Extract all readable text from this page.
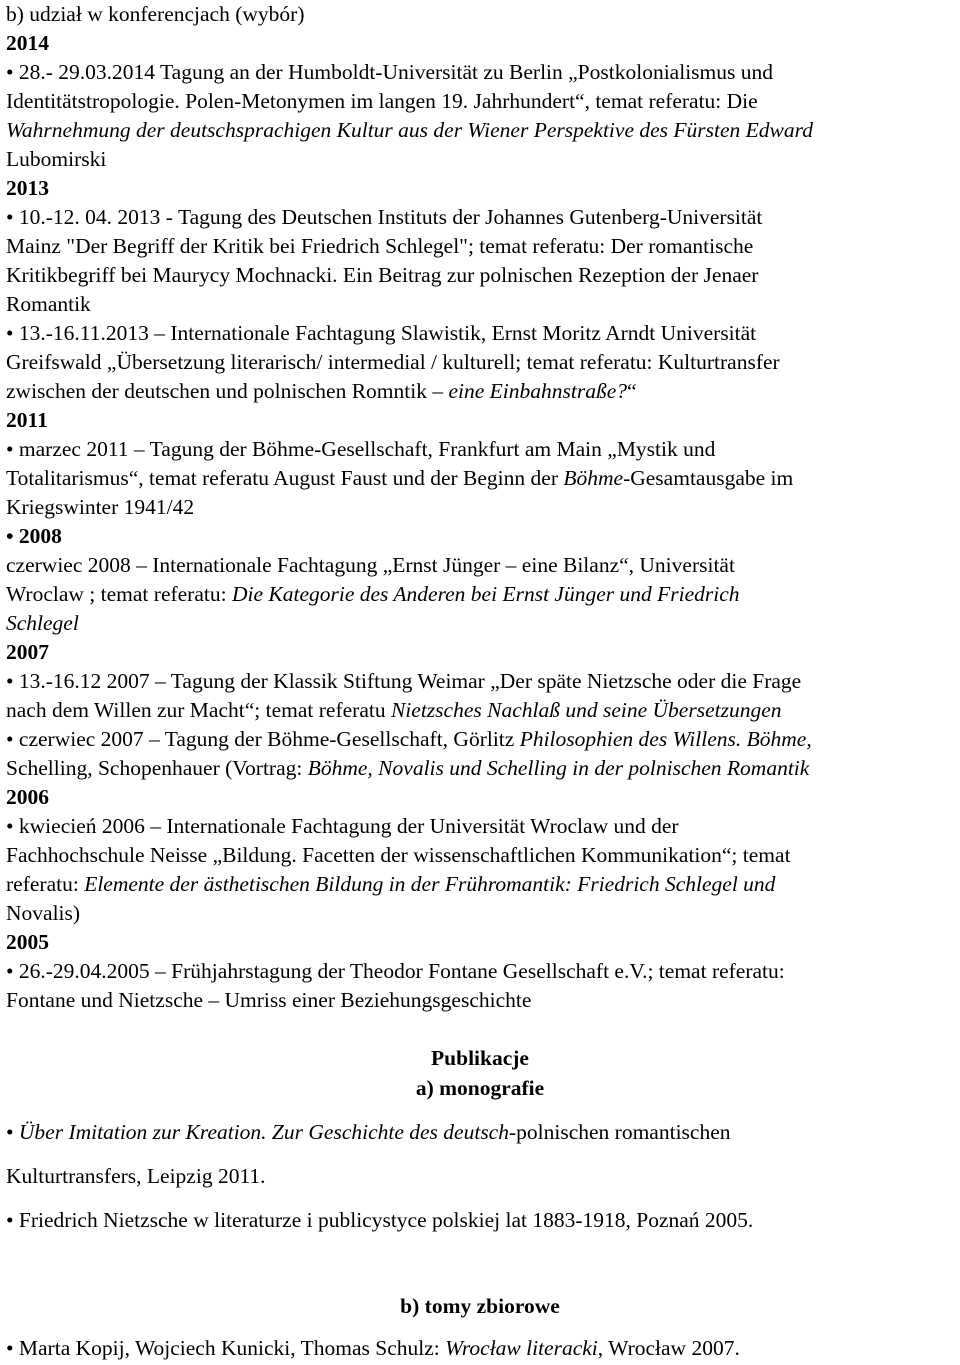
b) udział w konferencjach (wybór)
2014
• 28.- 29.03.2014 Tagung an der Humboldt-Universität zu Berlin „Postkolonialismus und
Identitätstropologie. Polen-Metonymen im langen 19. Jahrhundert“, temat referatu: Die
Wahrnehmung der deutschsprachigen Kultur aus der Wiener Perspektive des Fürsten Edward
Lubomirski
2013
• 10.-12. 04. 2013 - Tagung des Deutschen Instituts der Johannes Gutenberg-Universität
Mainz "Der Begriff der Kritik bei Friedrich Schlegel"; temat referatu: Der romantische
Kritikbegriff bei Maurycy Mochnacki. Ein Beitrag zur polnischen Rezeption der Jenaer
Romantik
• 13.-16.11.2013 – Internationale Fachtagung Slawistik, Ernst Moritz Arndt Universität
Greifswald „Übersetzung literarisch/ intermedial / kulturell; temat referatu: Kulturtransfer
zwischen der deutschen und polnischen Romntik – eine Einbahnstraße?“
2011
• marzec 2011 – Tagung der Böhme-Gesellschaft, Frankfurt am Main „Mystik und
Totalitarismus“, temat referatu August Faust und der Beginn der Böhme-Gesamtausgabe im
Kriegswinter 1941/42
• 2008
czerwiec 2008 – Internationale Fachtagung „Ernst Jünger – eine Bilanz“, Universität
Wroclaw ; temat referatu: Die Kategorie des Anderen bei Ernst Jünger und Friedrich
Schlegel
2007
• 13.-16.12 2007 – Tagung der Klassik Stiftung Weimar „Der späte Nietzsche oder die Frage
nach dem Willen zur Macht“; temat referatu Nietzsches Nachlaß und seine Übersetzungen
• czerwiec 2007 – Tagung der Böhme-Gesellschaft, Görlitz Philosophien des Willens. Böhme,
Schelling, Schopenhauer (Vortrag: Böhme, Novalis und Schelling in der polnischen Romantik
2006
• kwiecień 2006 – Internationale Fachtagung der Universität Wroclaw und der
Fachhochschule Neisse „Bildung. Facetten der wissenschaftlichen Kommunikation“; temat
referatu: Elemente der ästhetischen Bildung in der Frühromantik: Friedrich Schlegel und
Novalis)
2005
• 26.-29.04.2005 – Frühjahrstagung der Theodor Fontane Gesellschaft e.V.; temat referatu:
Fontane und Nietzsche – Umriss einer Beziehungsgeschichte
Publikacje
a) monografie
• Über Imitation zur Kreation. Zur Geschichte des deutsch-polnischen romantischen
Kulturtransfers, Leipzig 2011.
• Friedrich Nietzsche w literaturze i publicystyce polskiej lat 1883-1918, Poznań 2005.
b) tomy zbiorowe
• Marta Kopij, Wojciech Kunicki, Thomas Schulz: Wrocław literacki, Wrocław 2007.
